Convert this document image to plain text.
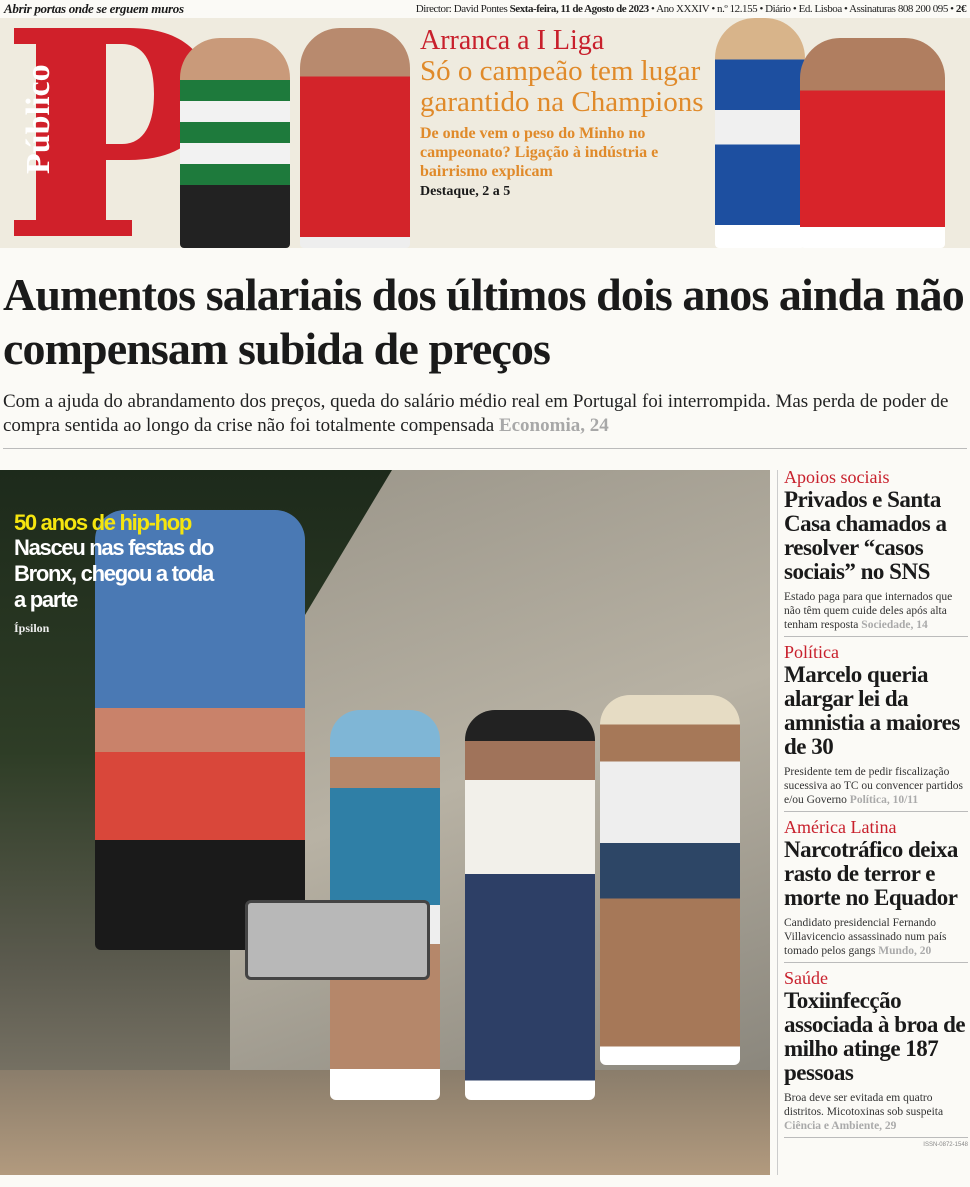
Abrir portas onde se erguem muros	Director: David Pontes Sexta-feira, 11 de Agosto de 2023 • Ano XXXIV • n.º 12.155 • Diário • Ed. Lisboa • Assinaturas 808 200 095 • 2€
Público
Arranca a I Liga
Só o campeão tem lugar garantido na Champions
De onde vem o peso do Minho no campeonato? Ligação à indústria e bairrismo explicam
Destaque, 2 a 5
Aumentos salariais dos últimos dois anos ainda não compensam subida de preços
Com a ajuda do abrandamento dos preços, queda do salário médio real em Portugal foi interrompida. Mas perda de poder de compra sentida ao longo da crise não foi totalmente compensada Economia, 24
50 anos de hip-hop
Nasceu nas festas do Bronx, chegou a toda a parte
Ípsilon
Apoios sociais
Privados e Santa Casa chamados a resolver “casos sociais” no SNS
Estado paga para que internados que não têm quem cuide deles após alta tenham resposta Sociedade, 14
Política
Marcelo queria alargar lei da amnistia a maiores de 30
Presidente tem de pedir fiscalização sucessiva ao TC ou convencer partidos e/ou Governo Política, 10/11
América Latina
Narcotráfico deixa rasto de terror e morte no Equador
Candidato presidencial Fernando Villavicencio assassinado num país tomado pelos gangs Mundo, 20
Saúde
Toxiinfecção associada à broa de milho atinge 187 pessoas
Broa deve ser evitada em quatro distritos. Micotoxinas sob suspeita Ciência e Ambiente, 29
ISSN-0872-1548
